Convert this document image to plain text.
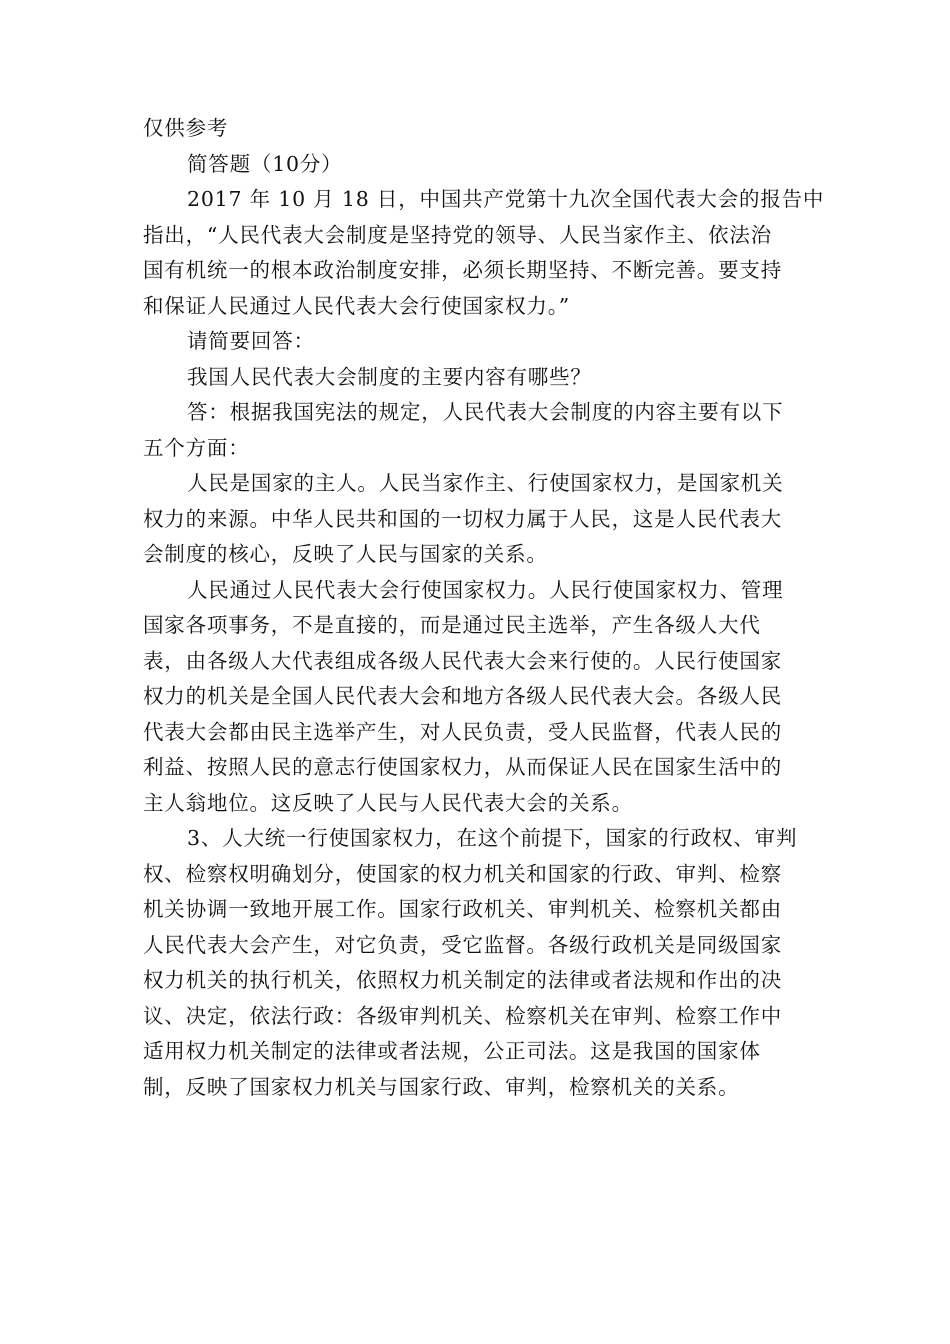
仅供参考
简答题（10分）
2017 年 10 月 18 日，中国共产党第十九次全国代表大会的报告中
指出，“人民代表大会制度是坚持党的领导、人民当家作主、依法治
国有机统一的根本政治制度安排，必须长期坚持、不断完善。要支持
和保证人民通过人民代表大会行使国家权力。”
请简要回答：
我国人民代表大会制度的主要内容有哪些？
答：根据我国宪法的规定，人民代表大会制度的内容主要有以下
五个方面：
人民是国家的主人。人民当家作主、行使国家权力，是国家机关
权力的来源。中华人民共和国的一切权力属于人民，这是人民代表大
会制度的核心，反映了人民与国家的关系。
人民通过人民代表大会行使国家权力。人民行使国家权力、管理
国家各项事务，不是直接的，而是通过民主选举，产生各级人大代
表，由各级人大代表组成各级人民代表大会来行使的。人民行使国家
权力的机关是全国人民代表大会和地方各级人民代表大会。各级人民
代表大会都由民主选举产生，对人民负责，受人民监督，代表人民的
利益、按照人民的意志行使国家权力，从而保证人民在国家生活中的
主人翁地位。这反映了人民与人民代表大会的关系。
3、人大统一行使国家权力，在这个前提下，国家的行政权、审判
权、检察权明确划分，使国家的权力机关和国家的行政、审判、检察
机关协调一致地开展工作。国家行政机关、审判机关、检察机关都由
人民代表大会产生，对它负责，受它监督。各级行政机关是同级国家
权力机关的执行机关，依照权力机关制定的法律或者法规和作出的决
议、决定，依法行政：各级审判机关、检察机关在审判、检察工作中
适用权力机关制定的法律或者法规，公正司法。这是我国的国家体
制，反映了国家权力机关与国家行政、审判，检察机关的关系。
